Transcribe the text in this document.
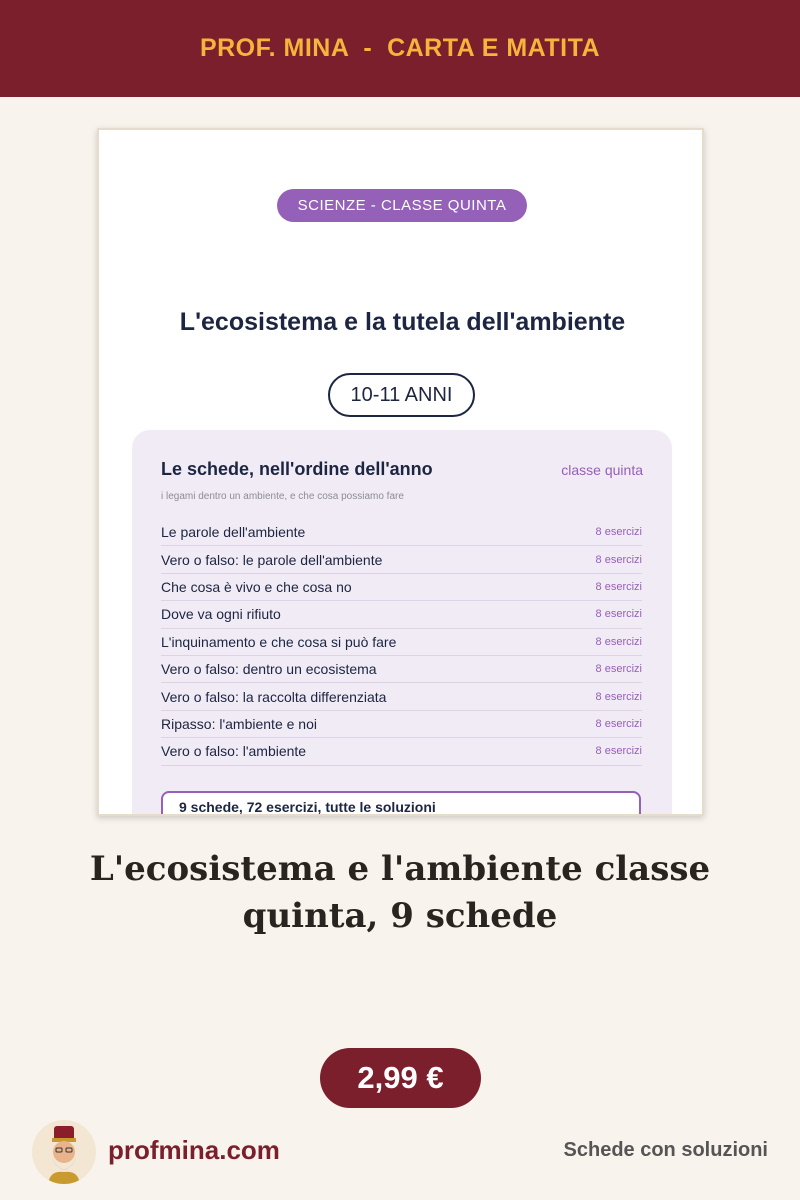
PROF. MINA  -  CARTA E MATITA
SCIENZE - CLASSE QUINTA
L'ecosistema e la tutela dell'ambiente
10-11 ANNI
Le schede, nell'ordine dell'anno	classe quinta
i legami dentro un ambiente, e che cosa possiamo fare
Le parole dell'ambiente	8 esercizi
Vero o falso: le parole dell'ambiente	8 esercizi
Che cosa è vivo e che cosa no	8 esercizi
Dove va ogni rifiuto	8 esercizi
L'inquinamento e che cosa si può fare	8 esercizi
Vero o falso: dentro un ecosistema	8 esercizi
Vero o falso: la raccolta differenziata	8 esercizi
Ripasso: l'ambiente e noi	8 esercizi
Vero o falso: l'ambiente	8 esercizi
9 schede, 72 esercizi, tutte le soluzioni
L'ecosistema e l'ambiente classe
quinta, 9 schede
2,99 €
profmina.com	Schede con soluzioni
